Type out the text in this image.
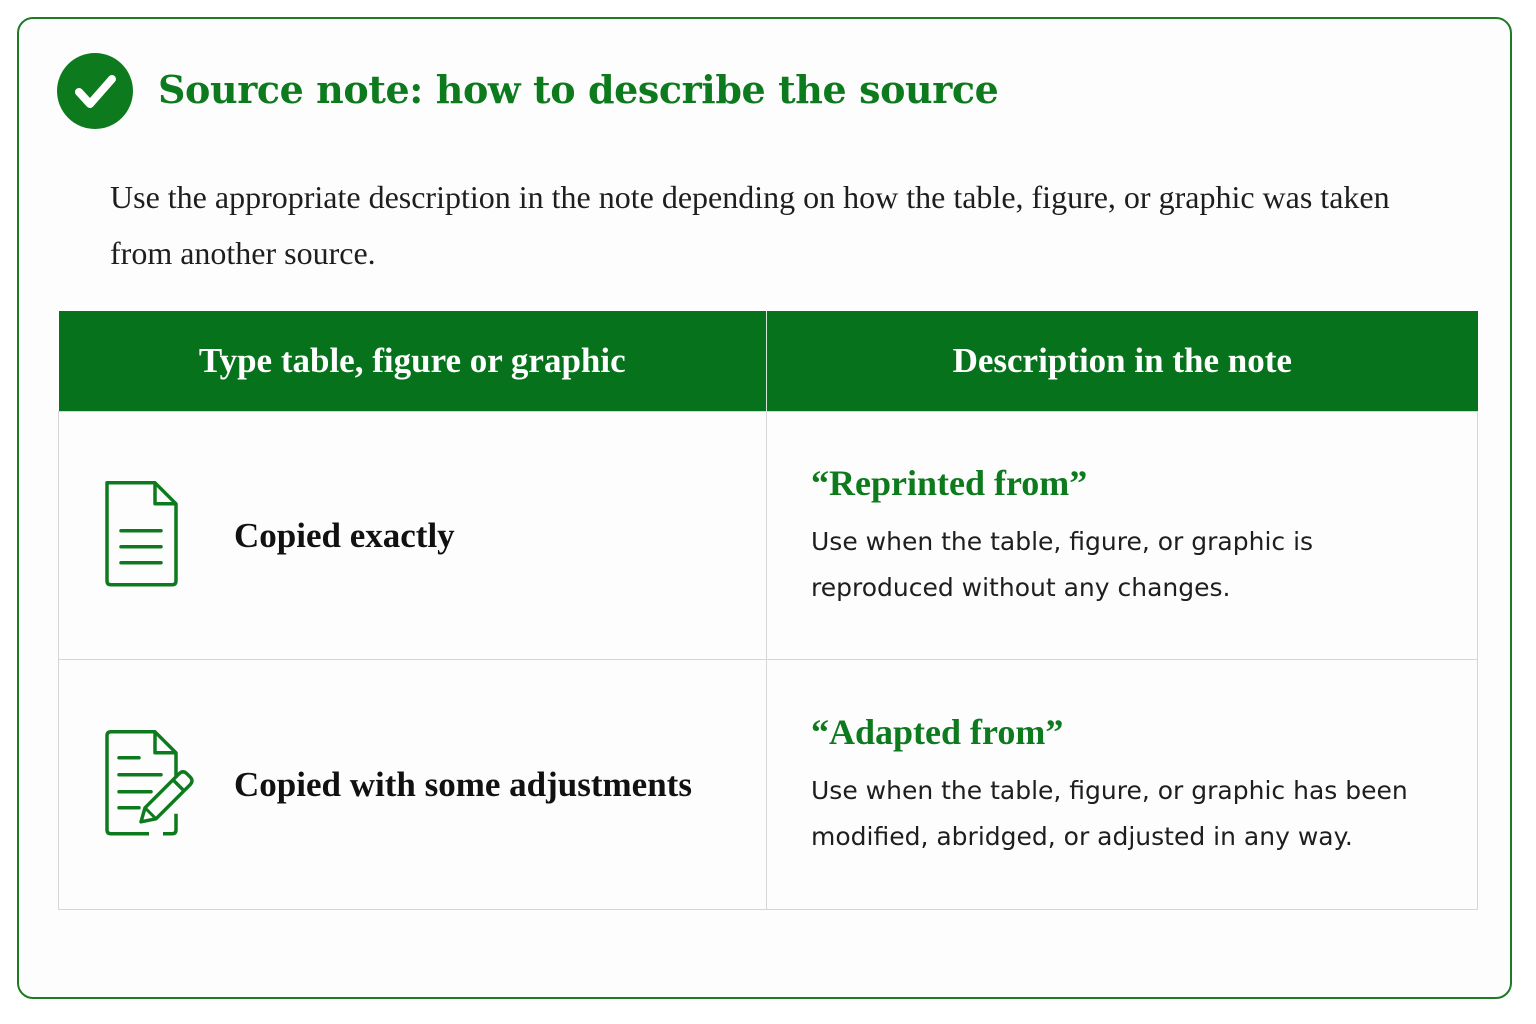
Source note: how to describe the source

Use the appropriate description in the note depending on how the table, figure, or graphic was taken from another source.

Type table, figure or graphic	Description in the note

Copied exactly	“Reprinted from”

Use when the table, figure, or graphic is reproduced without any changes.

Copied with some adjustments	“Adapted from”

Use when the table, figure, or graphic has been modified, abridged, or adjusted in any way.
